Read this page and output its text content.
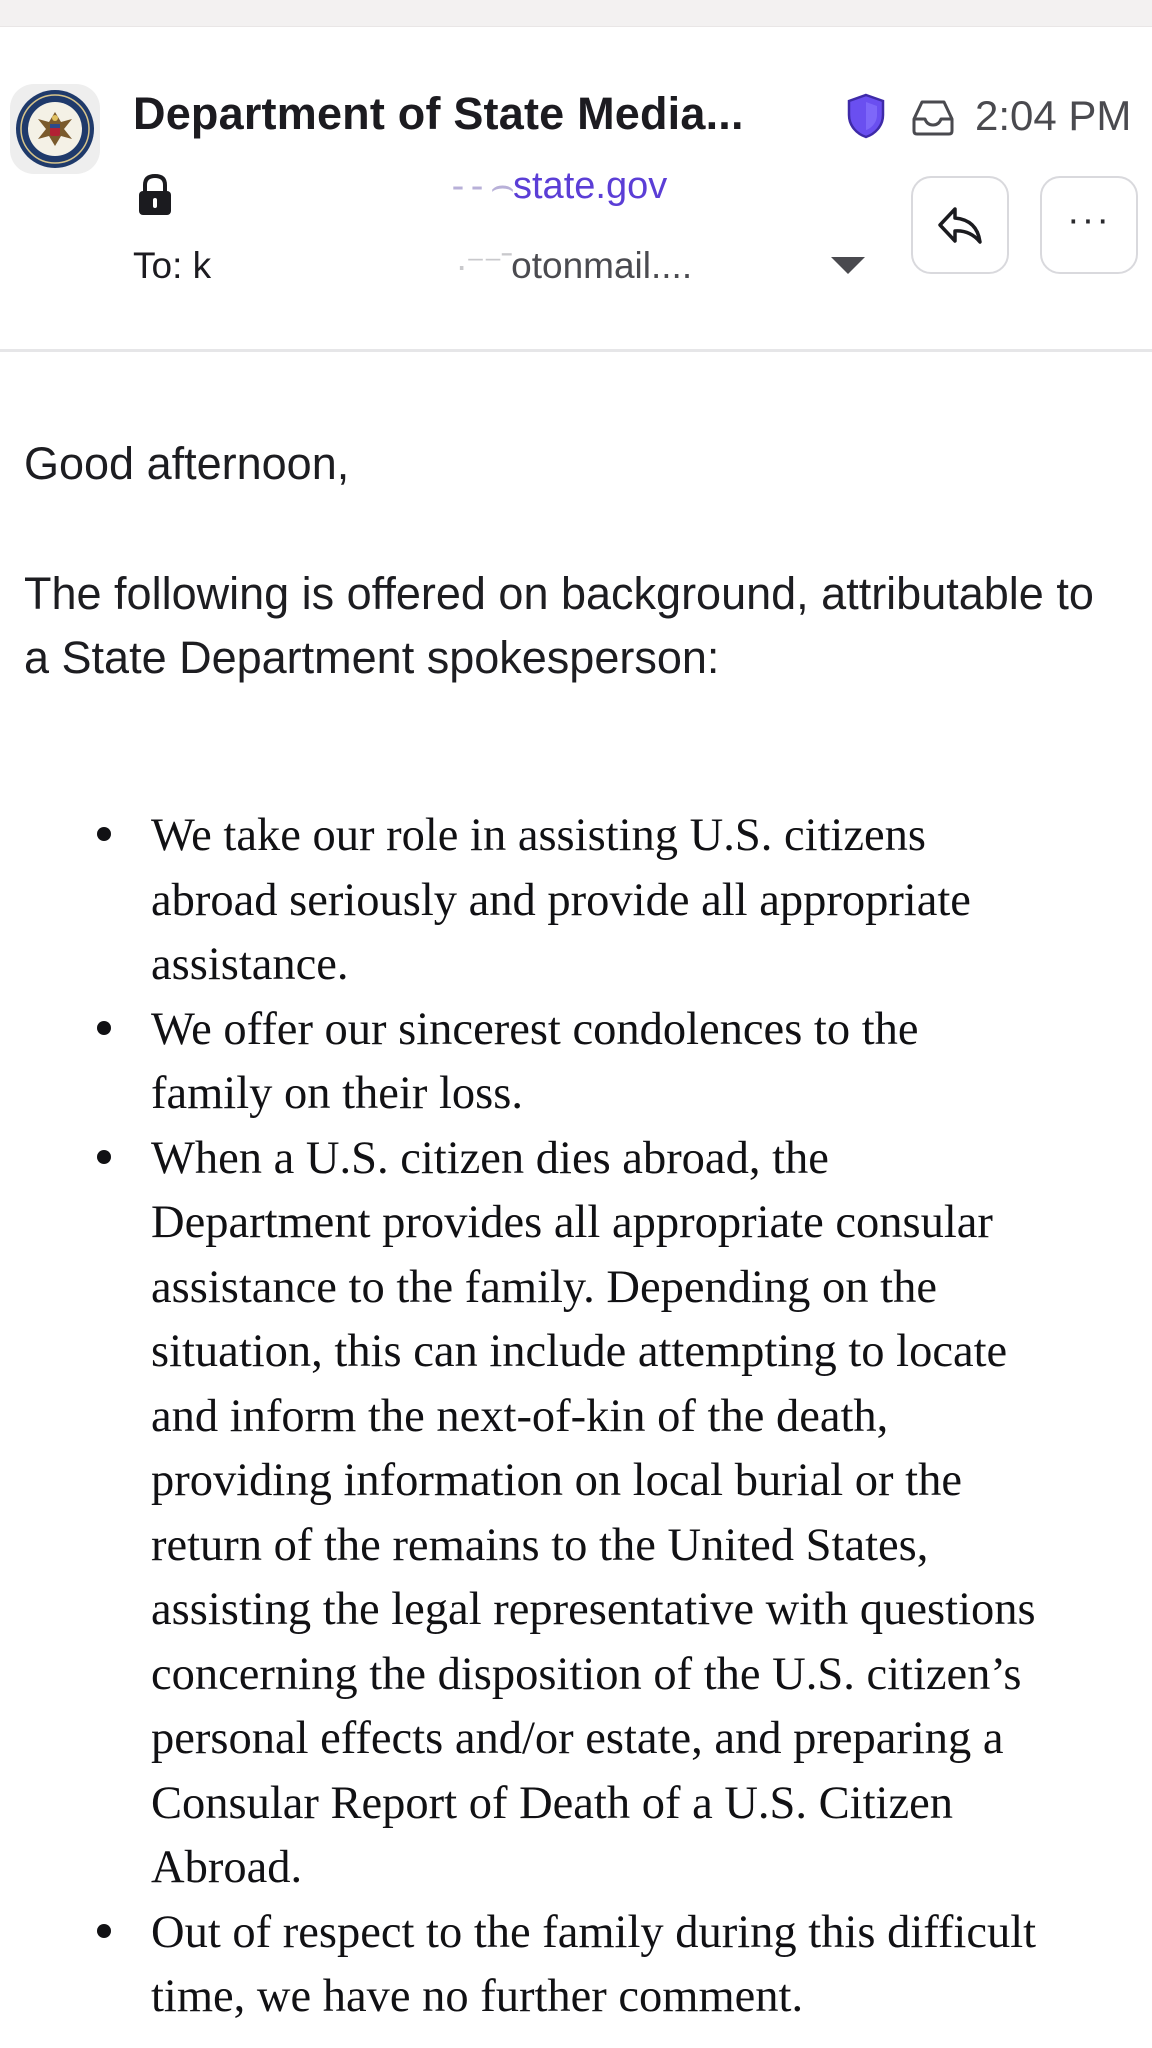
Department of State Media...	2:04 PM
- - ⌢state.gov
To: k	·⁻⁻ˉotonmail....
···
Good afternoon,
The following is offered on background, attributable to a State Department spokesperson:
We take our role in assisting U.S. citizens
abroad seriously and provide all appropriate
assistance.
We offer our sincerest condolences to the
family on their loss.
When a U.S. citizen dies abroad, the
Department provides all appropriate consular
assistance to the family. Depending on the
situation, this can include attempting to locate
and inform the next-of-kin of the death,
providing information on local burial or the
return of the remains to the United States,
assisting the legal representative with questions
concerning the disposition of the U.S. citizen’s
personal effects and/or estate, and preparing a
Consular Report of Death of a U.S. Citizen
Abroad.
Out of respect to the family during this difficult
time, we have no further comment.
